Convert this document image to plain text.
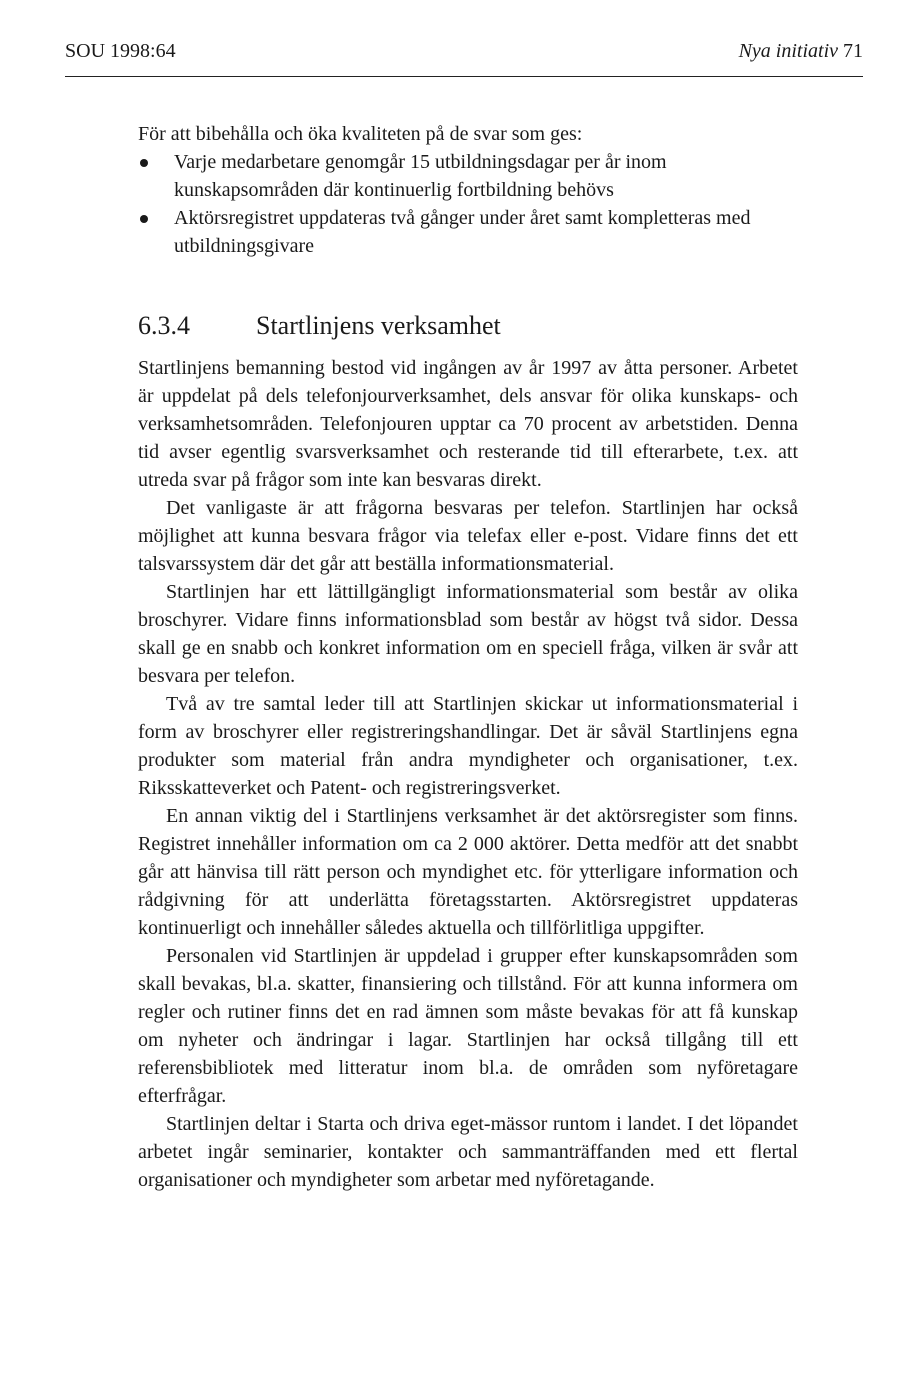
SOU 1998:64	Nya initiativ 71

För att bibehålla och öka kvaliteten på de svar som ges:

Varje medarbetare genomgår 15 utbildningsdagar per år inom kunskapsområden där kontinuerlig fortbildning behövs
Aktörsregistret uppdateras två gånger under året samt kompletteras med utbildningsgivare
6.3.4	Startlinjens verksamhet

Startlinjens bemanning bestod vid ingången av år 1997 av åtta personer. Arbetet är uppdelat på dels telefonjourverksamhet, dels ansvar för olika kunskaps- och verksamhetsområden. Telefonjouren upptar ca 70 procent av arbetstiden. Denna tid avser egentlig svarsverksamhet och resterande tid till efterarbete, t.ex. att utreda svar på frågor som inte kan besvaras direkt.

Det vanligaste är att frågorna besvaras per telefon. Startlinjen har också möjlighet att kunna besvara frågor via telefax eller e-post. Vidare finns det ett talsvarssystem där det går att beställa informationsmaterial.

Startlinjen har ett lättillgängligt informationsmaterial som består av olika broschyrer. Vidare finns informationsblad som består av högst två sidor. Dessa skall ge en snabb och konkret information om en speciell fråga, vilken är svår att besvara per telefon.

Två av tre samtal leder till att Startlinjen skickar ut informationsmaterial i form av broschyrer eller registreringshandlingar. Det är såväl Startlinjens egna produkter som material från andra myndigheter och organisationer, t.ex. Riksskatteverket och Patent- och registreringsverket.

En annan viktig del i Startlinjens verksamhet är det aktörsregister som finns. Registret innehåller information om ca 2 000 aktörer. Detta medför att det snabbt går att hänvisa till rätt person och myndighet etc. för ytterligare information och rådgivning för att underlätta företagsstarten. Aktörsregistret uppdateras kontinuerligt och innehåller således aktuella och tillförlitliga uppgifter.

Personalen vid Startlinjen är uppdelad i grupper efter kunskapsområden som skall bevakas, bl.a. skatter, finansiering och tillstånd. För att kunna informera om regler och rutiner finns det en rad ämnen som måste bevakas för att få kunskap om nyheter och ändringar i lagar. Startlinjen har också tillgång till ett referensbibliotek med litteratur inom bl.a. de områden som nyföretagare efterfrågar.

Startlinjen deltar i Starta och driva eget-mässor runtom i landet. I det löpandet arbetet ingår seminarier, kontakter och sammanträffanden med ett flertal organisationer och myndigheter som arbetar med nyföretagande.
